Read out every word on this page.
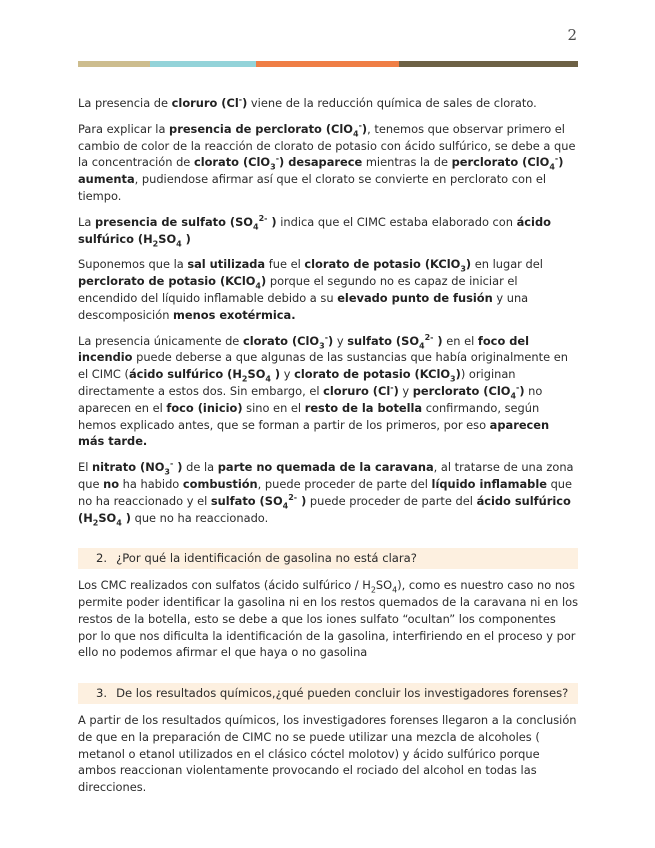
2

La presencia de cloruro (Cl-) viene de la reducción química de sales de clorato.

Para explicar la presencia de perclorato (ClO$_4$-), tenemos que observar primero el cambio de color de la reacción de clorato de potasio con ácido sulfúrico, se debe a que la concentración de clorato (ClO$_3$-) desaparece mientras la de perclorato (ClO$_4$-) aumenta, pudiendose afirmar así que el clorato se convierte en perclorato con el tiempo.

La presencia de sulfato ($SO_4^{2-}$ ) indica que el CIMC estaba elaborado con ácido sulfúrico ($H_2SO_4$ )

Suponemos que la sal utilizada fue el clorato de potasio (KClO$_3$) en lugar del perclorato de potasio (KClO$_4$) porque el segundo no es capaz de iniciar el encendido del líquido inflamable debido a su elevado punto de fusión y una descomposición menos exotérmica.

La presencia únicamente de clorato (ClO$_3$-) y sulfato ($SO_4^{2-}$ ) en el foco del incendio puede deberse a que algunas de las sustancias que había originalmente en el CIMC (ácido sulfúrico ($H_2SO_4$ ) y clorato de potasio (KClO$_3$)) originan directamente a estos dos. Sin embargo, el cloruro (Cl-) y perclorato (ClO$_4$-) no aparecen en el foco (inicio) sino en el resto de la botella confirmando, según hemos explicado antes, que se forman a partir de los primeros, por eso aparecen más tarde.

El nitrato ($NO_3^-$ ) de la parte no quemada de la caravana, al tratarse de una zona que no ha habido combustión, puede proceder de parte del líquido inflamable que no ha reaccionado y el sulfato ($SO_4^{2-}$ ) puede proceder de parte del ácido sulfúrico ($H_2SO_4$ ) que no ha reaccionado.

2. ¿Por qué la identificación de gasolina no está clara?

Los CMC realizados con sulfatos (ácido sulfúrico / $H_2SO_4$), como es nuestro caso no nos permite poder identificar la gasolina ni en los restos quemados de la caravana ni en los restos de la botella, esto se debe a que los iones sulfato “ocultan” los componentes por lo que nos dificulta la identificación de la gasolina, interfiriendo en el proceso y por ello no podemos afirmar el que haya o no gasolina

3. De los resultados químicos,¿qué pueden concluir los investigadores forenses?

A partir de los resultados químicos, los investigadores forenses llegaron a la conclusión de que en la preparación de CIMC no se puede utilizar una mezcla de alcoholes ( metanol o etanol utilizados en el clásico cóctel molotov) y ácido sulfúrico porque ambos reaccionan violentamente provocando el rociado del alcohol en todas las direcciones.
